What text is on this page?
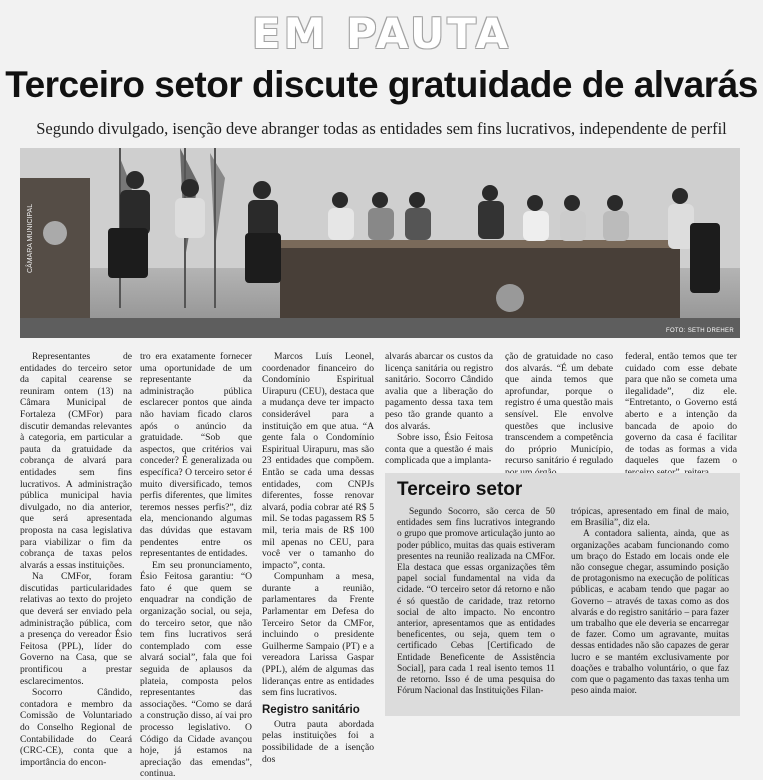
EM PAUTA
Terceiro setor discute gratuidade de alvarás
Segundo divulgado, isenção deve abranger todas as entidades sem fins lucrativos, independente de perfil
CÂMARA MUNICIPAL
FOTO: SETH DREHER

Representantes de entidades do terceiro setor da capital cearense se reuniram ontem (13) na Câmara Municipal de Fortaleza (CMFor) para discutir demandas relevantes à categoria, em particular a pauta da gratuidade da cobrança de alvará para entidades sem fins lucrativos. A administração pública municipal havia divulgado, no dia anterior, que será apresentada proposta na casa legislativa para viabilizar o fim da cobrança de taxas pelos alvarás a essas instituições.

Na CMFor, foram discutidas particularidades relativas ao texto do projeto que deverá ser enviado pela administração pública, com a presença do vereador Ésio Feitosa (PPL), líder do Governo na Casa, que se prontificou a prestar esclarecimentos.

Socorro Cândido, contadora e membro da Comissão de Voluntariado do Conselho Regional de Contabilidade do Ceará (CRC-CE), conta que a importância do encon-

tro era exatamente fornecer uma oportunidade de um representante da administração pública esclarecer pontos que ainda não haviam ficado claros após o anúncio da gratuidade. “Sob que aspectos, que critérios vai conceder? É generalizada ou específica? O terceiro setor é muito diversificado, temos perfis diferentes, que limites teremos nesses perfis?”, diz ela, mencionando algumas das dúvidas que estavam pendentes entre os representantes de entidades.

Em seu pronunciamento, Ésio Feitosa garantiu: “O fato é que quem se enquadrar na condição de organização social, ou seja, do terceiro setor, que não tem fins lucrativos será contemplado com esse alvará social”, fala que foi seguida de aplausos da plateia, composta pelos representantes das associações. “Como se dará a construção disso, aí vai pro processo legislativo. O Código da Cidade avançou hoje, já estamos na apreciação das emendas”, continua.

Marcos Luís Leonel, coordenador financeiro do Condomínio Espiritual Uirapuru (CEU), destaca que a mudança deve ter impacto considerável para a instituição em que atua. “A gente fala o Condomínio Espiritual Uirapuru, mas são 23 entidades que compõem. Então se cada uma dessas entidades, com CNPJs diferentes, fosse renovar alvará, podia cobrar até R$ 5 mil. Se todas pagassem R$ 5 mil, teria mais de R$ 100 mil apenas no CEU, para você ver o tamanho do impacto”, conta.

Compunham a mesa, durante a reunião, parlamentares da Frente Parlamentar em Defesa do Terceiro Setor da CMFor, incluindo o presidente Guilherme Sampaio (PT) e a vereadora Larissa Gaspar (PPL), além de algumas das lideranças entre as entidades sem fins lucrativos.

Registro sanitário

Outra pauta abordada pelas instituições foi a possibilidade de a isenção dos

alvarás abarcar os custos da licença sanitária ou registro sanitário. Socorro Cândido avalia que a liberação do pagamento dessa taxa tem peso tão grande quanto a dos alvarás.

Sobre isso, Ésio Feitosa conta que a questão é mais complicada que a implanta-

ção de gratuidade no caso dos alvarás. “É um debate que ainda temos que aprofundar, porque o registro é uma questão mais sensível. Ele envolve questões que inclusive transcendem a competência do próprio Município, recurso sanitário é regulado

federal, então temos que ter cuidado com esse debate para que não se cometa uma ilegalidade”, diz ele. “Entretanto, o Governo está aberto e a intenção da bancada de apoio do governo da casa é facilitar de todas as formas a vida daqueles que fazem o

Terceiro setor

Segundo Socorro, são cerca de 50 entidades sem fins lucrativos integrando o grupo que promove articulação junto ao poder público, muitas das quais estiveram presentes na reunião realizada na CMFor. Ela destaca que essas organizações têm papel social fundamental na vida da cidade. “O terceiro setor dá retorno e não é só questão de caridade, traz retorno social de alto impacto. No encontro anterior, apresentamos que as entidades beneficentes, ou seja, quem tem o certificado Cebas [Certificado de Entidade Beneficente de Assistência Social], para cada 1 real isento temos 11 de retorno. Isso é de uma pesquisa do Fórum Nacional das Instituições Filan-

trópicas, apresentado em final de maio, em Brasília”, diz ela.

A contadora salienta, ainda, que as organizações acabam funcionando como um braço do Estado em locais onde ele não consegue chegar, assumindo posição de protagonismo na execução de políticas públicas, e acabam tendo que pagar ao Governo – através de taxas como as dos alvarás e do registro sanitário – para fazer um trabalho que ele deveria se encarregar de fazer. Como um agravante, muitas dessas entidades não são capazes de gerar lucro e se mantém exclusivamente por doações e trabalho voluntário, o que faz com que o pagamento das taxas tenha um peso ainda maior.
